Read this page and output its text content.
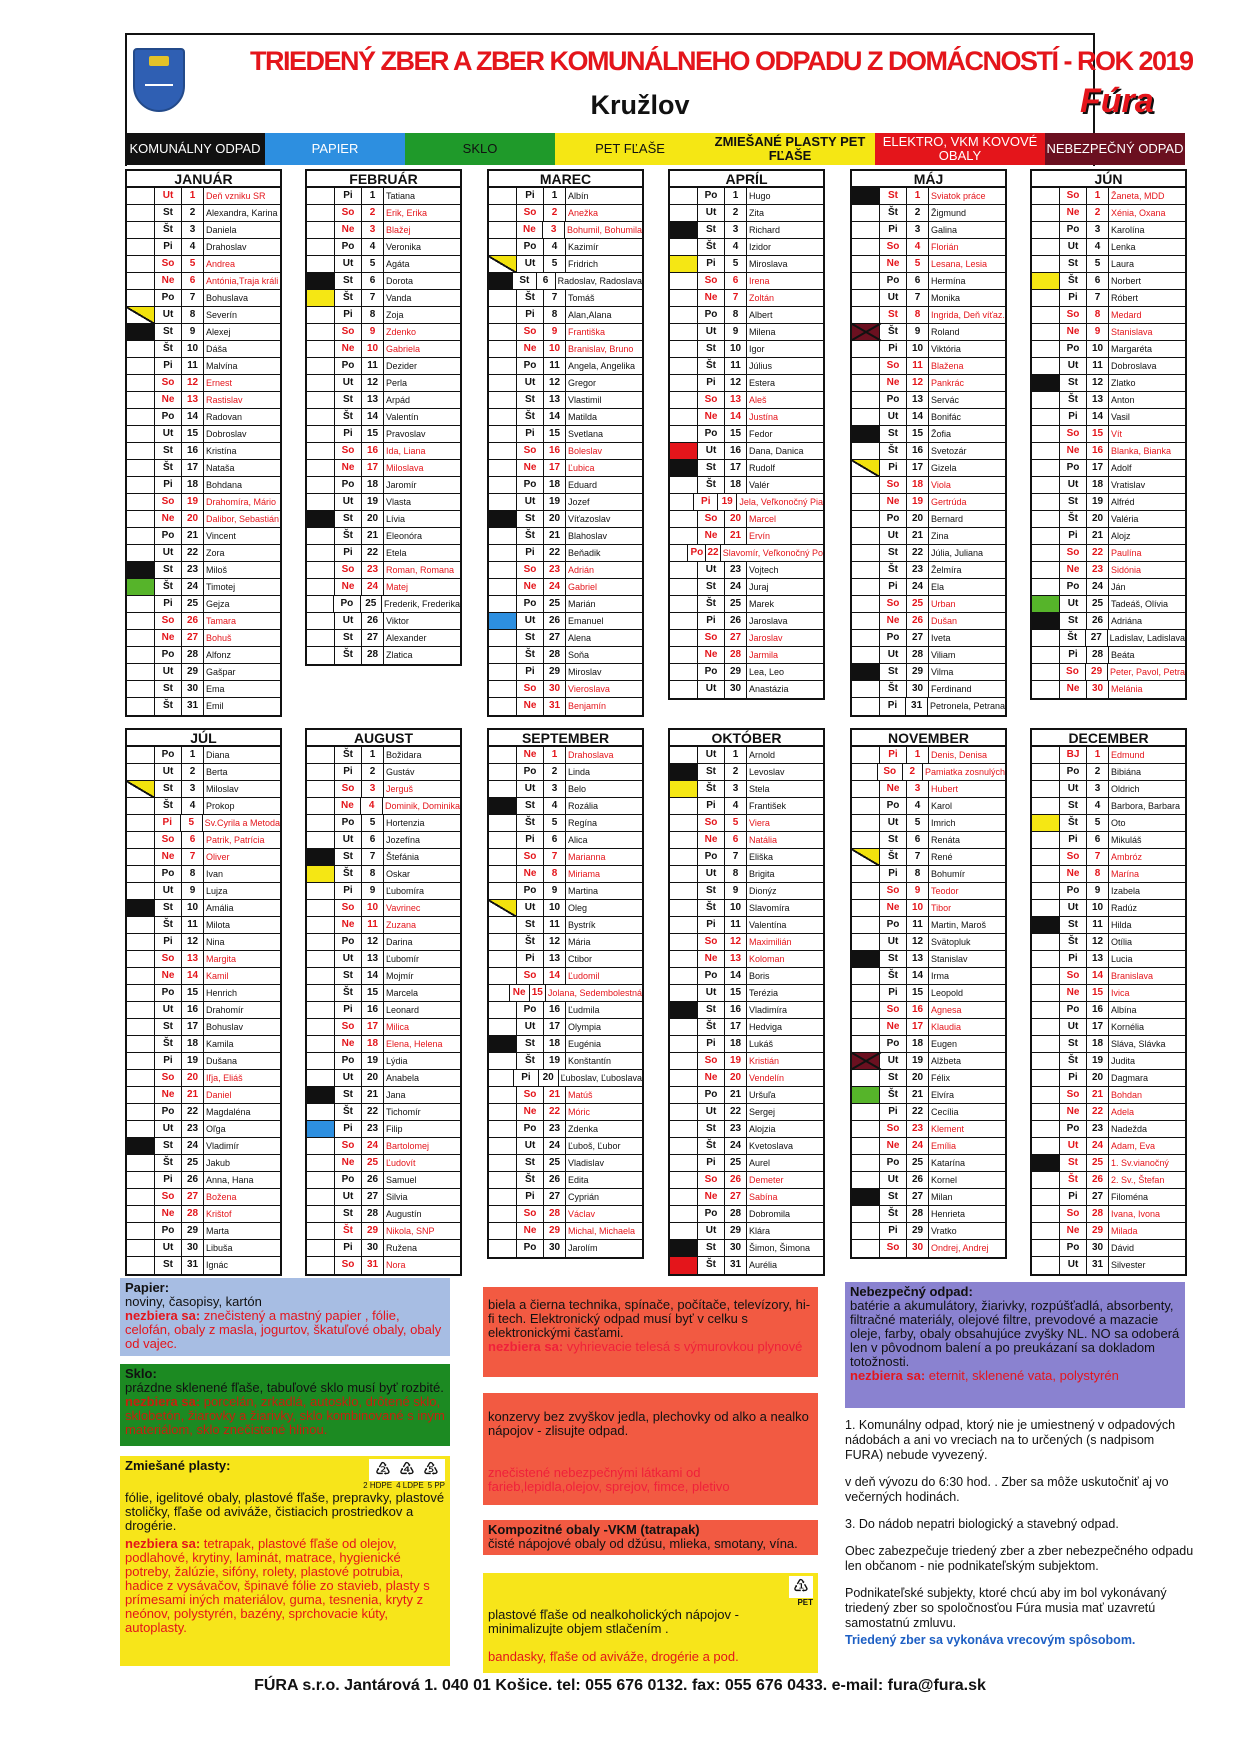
TRIEDENÝ ZBER A ZBER KOMUNÁLNEHO ODPADU Z DOMÁCNOSTÍ - ROK 2019
Kružlov	Fúra
KOMUNÁLNY ODPAD	PAPIER	SKLO	PET FĽAŠE	ZMIEŠANÉ PLASTY PET FĽAŠE
ELEKTRO, VKM KOVOVÉ OBALY	NEBEZPEČNÝ ODPAD
JANUÁR
Ut	1	Deň vzniku SR
St	2	Alexandra, Karina
Št	3	Daniela
Pi	4	Drahoslav
So	5	Andrea
Ne	6	Antónia,Traja králi
Po	7	Bohuslava
Ut	8	Severín
St	9	Alexej
Št	10 Dáša
Pi	11 Malvína
So	12 Ernest
Ne	13 Rastislav
Po	14 Radovan
Ut	15 Dobroslav
St	16 Kristína
Št	17 Nataša
Pi	18 Bohdana
So	19 Drahomíra, Mário
Ne	20 Dalibor, Sebastián
Po	21 Vincent
Ut	22 Zora
St	23 Miloš
Št	24 Timotej
Pi	25 Gejza
So	26 Tamara
Ne	27 Bohuš
Po	28 Alfonz
Ut	29 Gašpar
St	30 Ema
Št	31 Emil
FEBRUÁR
Pi	1	Tatiana
So	2	Erik, Erika
Ne	3	Blažej
Po	4	Veronika
Ut	5	Agáta
St	6	Dorota
Št	7	Vanda
Pi	8	Zoja
So	9	Zdenko
Ne	10 Gabriela
Po	11 Dezider
Ut	12 Perla
St	13 Arpád
Št	14 Valentín
Pi	15 Pravoslav
So	16 Ida, Liana
Ne	17 Miloslava
Po	18 Jaromír
Ut	19 Vlasta
St	20 Lívia
Št	21 Eleonóra
Pi	22 Etela
So	23 Roman, Romana
Ne	24 Matej
Po	25 Frederik, Frederika
Ut	26 Viktor
St	27 Alexander
Št	28 Zlatica
MAREC
Pi	1	Albín
So	2	Anežka
Ne	3	Bohumil, Bohumila
Po	4	Kazimír
Ut	5	Fridrich
St	6	Radoslav, Radoslava
Št	7	Tomáš
Pi	8	Alan,Alana
So	9	Františka
Ne	10 Branislav, Bruno
Po	11 Angela, Angelika
Ut	12 Gregor
St	13 Vlastimil
Št	14 Matilda
Pi	15 Svetlana
So	16 Boleslav
Ne	17 Ľubica
Po	18 Eduard
Ut	19 Jozef
St	20 Víťazoslav
Št	21 Blahoslav
Pi	22 Beňadik
So	23 Adrián
Ne	24 Gabriel
Po	25 Marián
Ut	26 Emanuel
St	27 Alena
Št	28 Soňa
Pi	29 Miroslav
So	30 Vieroslava
Ne	31 Benjamín
APRÍL
Po	1	Hugo
Ut	2	Zita
St	3	Richard
Št	4	Izidor
Pi	5	Miroslava
So	6	Irena
Ne	7	Zoltán
Po	8	Albert
Ut	9	Milena
St	10 Igor
Št	11 Július
Pi	12 Estera
So	13 Aleš
Ne	14 Justína
Po	15 Fedor
Ut	16 Dana, Danica
St	17 Rudolf
Št	18 Valér
Pi	19 Jela, Veľkonočný Pia
So	20 Marcel
Ne	21 Ervín
Po 22 Slavomír, Veľkonočný Po
Ut	23 Vojtech
St	24 Juraj
Št	25 Marek
Pi	26 Jaroslava
So	27 Jaroslav
Ne	28 Jarmila
Po	29 Lea, Leo
Ut	30 Anastázia
MÁJ
St	1	Sviatok práce
Št	2	Žigmund
Pi	3	Galina
So	4	Florián
Ne	5	Lesana, Lesia
Po	6	Hermína
Ut	7	Monika
St	8	Ingrida, Deň víťaz.
Št	9	Roland
Pi	10 Viktória
So	11 Blažena
Ne	12 Pankrác
Po	13 Servác
Ut	14 Bonifác
St	15 Žofia
Št	16 Svetozár
Pi	17 Gizela
So	18 Viola
Ne	19 Gertrúda
Po	20 Bernard
Ut	21 Zina
St	22 Júlia, Juliana
Št	23 Želmíra
Pi	24 Ela
So	25 Urban
Ne	26 Dušan
Po	27 Iveta
Ut	28 Viliam
St	29 Vilma
Št	30 Ferdinand
Pi	31 Petronela, Petrana
JÚN
So	1	Žaneta, MDD
Ne	2	Xénia, Oxana
Po	3	Karolína
Ut	4	Lenka
St	5	Laura
Št	6	Norbert
Pi	7	Róbert
So	8	Medard
Ne	9	Stanislava
Po	10 Margaréta
Ut	11 Dobroslava
St	12 Zlatko
Št	13 Anton
Pi	14 Vasil
So	15 Vít
Ne	16 Blanka, Bianka
Po	17 Adolf
Ut	18 Vratislav
St	19 Alfréd
Št	20 Valéria
Pi	21 Alojz
So	22 Paulína
Ne	23 Sidónia
Po	24 Ján
Ut	25 Tadeáš, Olívia
St	26 Adriána
Št	27 Ladislav, Ladislava
Pi	28 Beáta
So	29 Peter, Pavol, Petra
Ne	30 Melánia
JÚL
Po	1	Diana
Ut	2	Berta
St	3	Miloslav
Št	4	Prokop
Pi	5	Sv.Cyrila a Metoda
So	6	Patrik, Patrícia
Ne	7	Oliver
Po	8	Ivan
Ut	9	Lujza
St	10 Amália
Št	11 Milota
Pi	12 Nina
So	13 Margita
Ne	14 Kamil
Po	15 Henrich
Ut	16 Drahomír
St	17 Bohuslav
Št	18 Kamila
Pi	19 Dušana
So	20 Iľja, Eliáš
Ne	21 Daniel
Po	22 Magdaléna
Ut	23 Oľga
St	24 Vladimír
Št	25 Jakub
Pi	26 Anna, Hana
So	27 Božena
Ne	28 Krištof
Po	29 Marta
Ut	30 Libuša
St	31 Ignác
AUGUST
Št	1	Božidara
Pi	2	Gustáv
So	3	Jerguš
Ne	4	Dominik, Dominika
Po	5	Hortenzia
Ut	6	Jozefína
St	7	Štefánia
Št	8	Oskar
Pi	9	Ľubomíra
So	10 Vavrinec
Ne	11 Zuzana
Po	12 Darina
Ut	13 Ľubomír
St	14 Mojmír
Št	15 Marcela
Pi	16 Leonard
So	17 Milica
Ne	18 Elena, Helena
Po	19 Lýdia
Ut	20 Anabela
St	21 Jana
Št	22 Tichomír
Pi	23 Filip
So	24 Bartolomej
Ne	25 Ľudovít
Po	26 Samuel
Ut	27 Silvia
St	28 Augustín
Št	29 Nikola, SNP
Pi	30 Ružena
So	31 Nora
SEPTEMBER
Ne	1	Drahoslava
Po	2	Linda
Ut	3	Belo
St	4	Rozália
Št	5	Regína
Pi	6	Alica
So	7	Marianna
Ne	8	Miriama
Po	9	Martina
Ut	10 Oleg
St	11 Bystrík
Št	12 Mária
Pi	13 Ctibor
So	14 Ľudomil
Ne 15 Jolana, Sedembolestná
Po	16 Ľudmila
Ut	17 Olympia
St	18 Eugénia
Št	19 Konštantín
Pi	20 Ľuboslav, Ľuboslava
So	21 Matúš
Ne	22 Móric
Po	23 Zdenka
Ut	24 Ľuboš, Ľubor
St	25 Vladislav
Št	26 Edita
Pi	27 Cyprián
So	28 Václav
Ne	29 Michal, Michaela
Po	30 Jarolím
OKTÓBER
Ut	1	Arnold
St	2	Levoslav
Št	3	Stela
Pi	4	František
So	5	Viera
Ne	6	Natália
Po	7	Eliška
Ut	8	Brigita
St	9	Dionýz
Št	10 Slavomíra
Pi	11 Valentína
So	12 Maximilián
Ne	13 Koloman
Po	14 Boris
Ut	15 Terézia
St	16 Vladimíra
Št	17 Hedviga
Pi	18 Lukáš
So	19 Kristián
Ne	20 Vendelín
Po	21 Uršuľa
Ut	22 Sergej
St	23 Alojzia
Št	24 Kvetoslava
Pi	25 Aurel
So	26 Demeter
Ne	27 Sabína
Po	28 Dobromila
Ut	29 Klára
St	30 Šimon, Šimona
Št	31 Aurélia
NOVEMBER
Pi	1	Denis, Denisa
So	2	Pamiatka zosnulých
Ne	3	Hubert
Po	4	Karol
Ut	5	Imrich
St	6	Renáta
Št	7	René
Pi	8	Bohumír
So	9	Teodor
Ne	10 Tibor
Po	11 Martin, Maroš
Ut	12 Svätopluk
St	13 Stanislav
Št	14 Irma
Pi	15 Leopold
So	16 Agnesa
Ne	17 Klaudia
Po	18 Eugen
Ut	19 Alžbeta
St	20 Félix
Št	21 Elvíra
Pi	22 Cecília
So	23 Klement
Ne	24 Emília
Po	25 Katarína
Ut	26 Kornel
St	27 Milan
Št	28 Henrieta
Pi	29 Vratko
So	30 Ondrej, Andrej
DECEMBER
BJ	1	Edmund
Po	2	Bibiána
Ut	3	Oldrich
St	4	Barbora, Barbara
Št	5	Oto
Pi	6	Mikuláš
So	7	Ambróz
Ne	8	Marína
Po	9	Izabela
Ut	10 Radúz
St	11 Hilda
Št	12 Otília
Pi	13 Lucia
So	14 Branislava
Ne	15 Ivica
Po	16 Albína
Ut	17 Kornélia
St	18 Sláva, Slávka
Št	19 Judita
Pi	20 Dagmara
So	21 Bohdan
Ne	22 Adela
Po	23 Nadežda
Ut	24 Adam, Eva
St	25 1. Sv.vianočný
Št	26 2. Sv., Štefan
Pi	27 Filoména
So	28 Ivana, Ivona
Ne	29 Milada
Po	30 Dávid
Ut	31 Silvester
Papier:
noviny, časopisy, kartón
nezbiera sa: znečistený a mastný papier , fólie, celofán, obaly z masla, jogurtov, škatuľové obaly, obaly od vajec.
Sklo:
prázdne sklenené fľaše, tabuľové sklo musí byť rozbité.
nezbiera sa: porcelán, zrkadlá, autosklo, drôtené sklo, sklobetón, žiarovky a žiarivky, sklo kombinované s iným materiálom, sklo znečistené hlinou.
Zmiešané plasty:	♴ ♶ ♷
2 HDPE 4 LDPE 5 PP
fólie, igelitové obaly, plastové fľaše, prepravky, plastové stoličky, fľaše od aviváže, čistiacich prostriedkov a drogérie.
nezbiera sa: tetrapak, plastové fľaše od olejov, podlahové, krytiny, laminát, matrace, hygienické potreby, žalúzie, sifóny, rolety, plastové potrubia, hadice z vysávačov, špinavé fólie zo stavieb, plasty s prímesami iných materiálov, guma, tesnenia, kryty z neónov, polystyrén, bazény, sprchovacie kúty, autoplasty.
biela a čierna technika, spínače, počítače, televízory, hi-fi tech. Elektronický odpad musí byť v celku s elektronickými časťami.
nezbiera sa: vyhrievacie telesá s výmurovkou plynové
konzervy bez zvyškov jedla, plechovky od alko a nealko nápojov - zlisujte odpad.
znečistené nebezpečnými látkami od farieb,lepidla,olejov, sprejov, fimce, pletivo
Kompozitné obaly -VKM (tatrapak)
čisté nápojové obaly od džúsu, mlieka, smotany, vína.
♳
PET
plastové fľaše od nealkoholických nápojov - minimalizujte objem stlačením .
bandasky, fľaše od aviváže, drogérie a pod.
Nebezpečný odpad:
batérie a akumulátory, žiarivky, rozpúšťadlá, absorbenty, filtračné materiály, olejové filtre, prevodové a mazacie oleje, farby, obaly obsahujúce zvyšky NL. NO sa odoberá len v pôvodnom balení a po preukázaní sa dokladom totožnosti.
nezbiera sa: eternit, sklenené vata, polystyrén
1. Komunálny odpad, ktorý nie je umiestnený v odpadových nádobách a ani vo vreciach na to určených (s nadpisom FURA) nebude vyvezený.
v deň vývozu do 6:30 hod. . Zber sa môže uskutočniť aj vo večerných hodinách.
3. Do nádob nepatri biologický a stavebný odpad.
Obec zabezpečuje triedený zber a zber nebezpečného odpadu len občanom - nie podnikateľským subjektom.
Podnikateľské subjekty, ktoré chcú aby im bol vykonávaný triedený zber so spoločnosťou Fúra musia mať uzavretú samostatnú zmluvu.
Triedený zber sa vykonáva vrecovým spôsobom.
FÚRA s.r.o. Jantárová 1. 040 01 Košice. tel: 055 676 0132. fax: 055 676 0433. e-mail: fura@fura.sk
